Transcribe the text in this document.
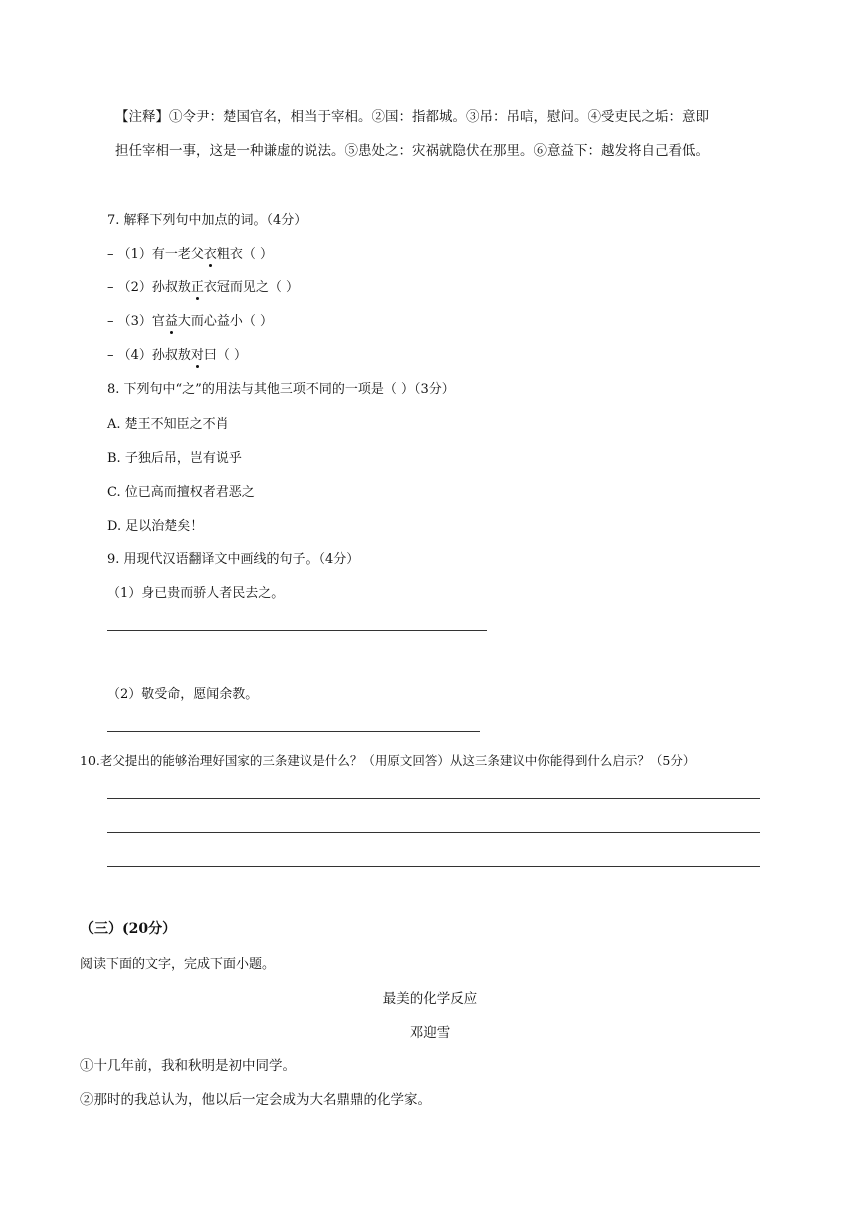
【注释】①令尹：楚国官名，相当于宰相。②国：指都城。③吊：吊唁，慰问。④受吏民之垢：意即
担任宰相一事，这是一种谦虚的说法。⑤患处之：灾祸就隐伏在那里。⑥意益下：越发将自己看低。
7. 解释下列句中加点的词。（4分）
– （1）有一老父衣粗衣（ ）
– （2）孙叔敖正衣冠而见之（ ）
– （3）官益大而心益小（ ）
– （4）孙叔敖对曰（ ）
8. 下列句中“之”的用法与其他三项不同的一项是（ ）（3分）
A. 楚王不知臣之不肖
B. 子独后吊，岂有说乎
C. 位已高而擅权者君恶之
D. 足以治楚矣！
9. 用现代汉语翻译文中画线的句子。（4分）
（1）身已贵而骄人者民去之。
（2）敬受命，愿闻余教。
10.老父提出的能够治理好国家的三条建议是什么？（用原文回答）从这三条建议中你能得到什么启示？（5分）
（三）(20分）
阅读下面的文字，完成下面小题。
最美的化学反应
邓迎雪
①十几年前，我和秋明是初中同学。
②那时的我总认为，他以后一定会成为大名鼎鼎的化学家。
